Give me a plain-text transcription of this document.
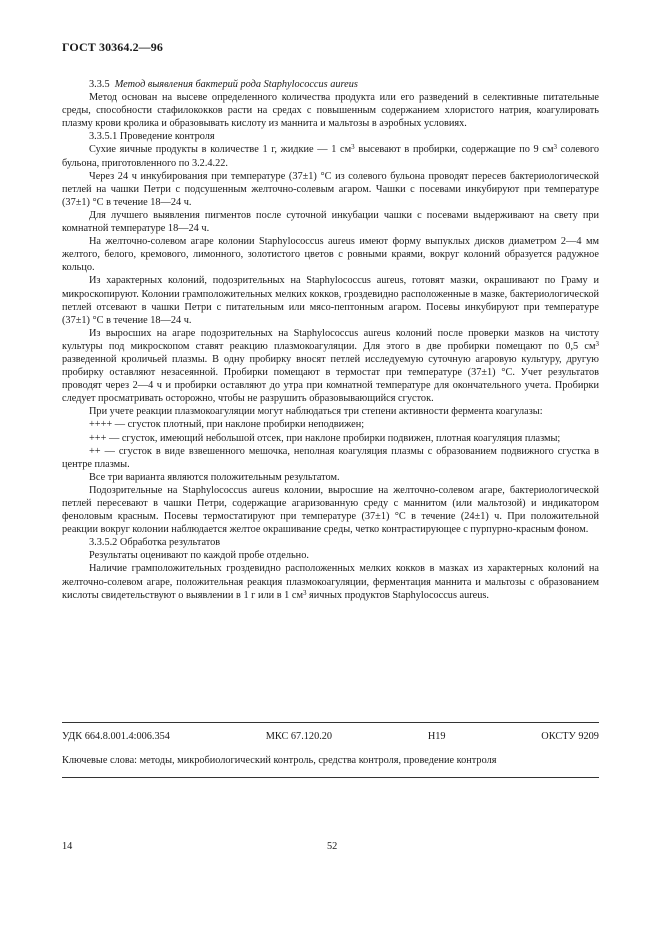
ГОСТ 30364.2—96

3.3.5 Метод выявления бактерий рода Staphylococcus aureus

Метод основан на высеве определенного количества продукта или его разведений в селективные питательные среды, способности стафилококков расти на средах с повышенным содержанием хлористого натрия, коагулировать плазму крови кролика и образовывать кислоту из маннита и мальтозы в аэробных условиях.

3.3.5.1 Проведение контроля

Сухие яичные продукты в количестве 1 г, жидкие — 1 $см^3$ высевают в пробирки, содержащие по 9 $см^3$ солевого бульона, приготовленного по 3.2.4.22.

Через 24 ч инкубирования при температуре (37±1) °С из солевого бульона проводят пересев бактериологической петлей на чашки Петри с подсушенным желточно-солевым агаром. Чашки с посевами инкубируют при температуре (37±1) °С в течение 18—24 ч.

Для лучшего выявления пигментов после суточной инкубации чашки с посевами выдерживают на свету при комнатной температуре 18—24 ч.

На желточно-солевом агаре колонии Staphylococcus aureus имеют форму выпуклых дисков диаметром 2—4 мм желтого, белого, кремового, лимонного, золотистого цветов с ровными краями, вокруг колоний образуется радужное кольцо.

Из характерных колоний, подозрительных на Staphylococcus aureus, готовят мазки, окрашивают по Граму и микроскопируют. Колонии грамположительных мелких кокков, гроздевидно расположенные в мазке, бактериологической петлей отсевают в чашки Петри с питательным или мясо-пептонным агаром. Посевы инкубируют при температуре (37±1) °С в течение 18—24 ч.

Из выросших на агаре подозрительных на Staphylococcus aureus колоний после проверки мазков на чистоту культуры под микроскопом ставят реакцию плазмокоагуляции. Для этого в две пробирки помещают по 0,5 $см^3$ разведенной кроличьей плазмы. В одну пробирку вносят петлей исследуемую суточную агаровую культуру, другую пробирку оставляют незасеянной. Пробирки помещают в термостат при температуре (37±1) °С. Учет результатов проводят через 2—4 ч и пробирки оставляют до утра при комнатной температуре для окончательного учета. Пробирки следует просматривать осторожно, чтобы не разрушить образовывающийся сгусток.

При учете реакции плазмокоагуляции могут наблюдаться три степени активности фермента коагулазы:

++++ — сгусток плотный, при наклоне пробирки неподвижен;

+++ — сгусток, имеющий небольшой отсек, при наклоне пробирки подвижен, плотная коагуляция плазмы;

++ — сгусток в виде взвешенного мешочка, неполная коагуляция плазмы с образованием подвижного сгустка в центре плазмы.

Все три варианта являются положительным результатом.

Подозрительные на Staphylococcus aureus колонии, выросшие на желточно-солевом агаре, бактериологической петлей пересевают в чашки Петри, содержащие агаризованную среду с маннитом (или мальтозой) и индикатором феноловым красным. Посевы термостатируют при температуре (37±1) °С в течение (24±1) ч. При положительной реакции вокруг колонии наблюдается желтое окрашивание среды, четко контрастирующее с пурпурно-красным фоном.

3.3.5.2 Обработка результатов

Результаты оценивают по каждой пробе отдельно.

Наличие грамположительных гроздевидно расположенных мелких кокков в мазках из характерных колоний на желточно-солевом агаре, положительная реакция плазмокоагуляции, ферментация маннита и мальтозы с образованием кислоты свидетельствуют о выявлении в 1 г или в 1 $см^3$ яичных продуктов Staphylococcus aureus.

УДК 664.8.001.4:006.354	МКС 67.120.20	Н19	ОКСТУ 9209
Ключевые слова: методы, микробиологический контроль, средства контроля, проведение контроля
14	52
